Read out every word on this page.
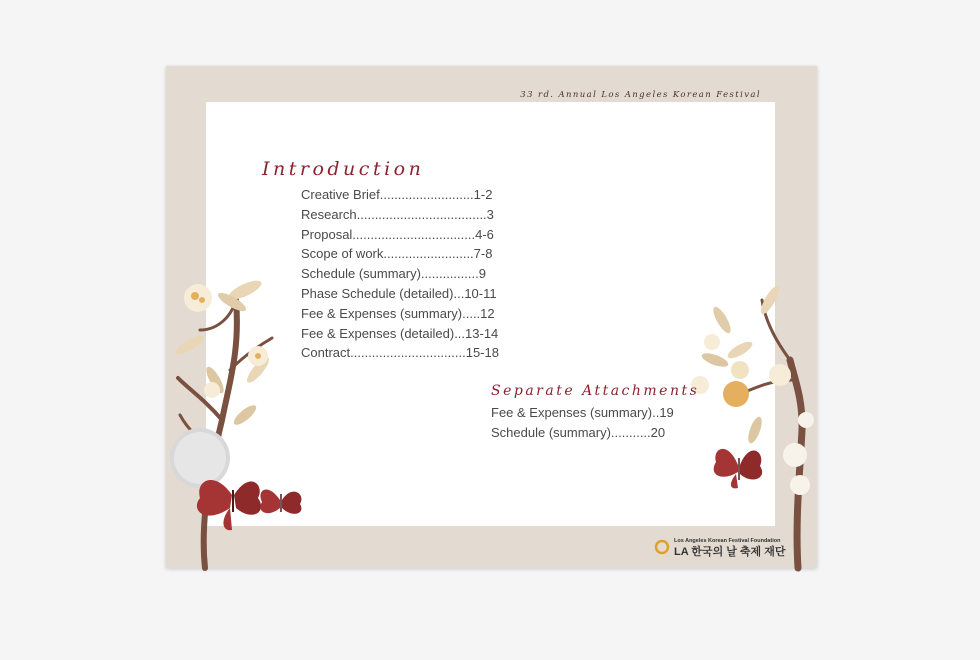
33 rd. Annual Los Angeles Korean Festival
Introduction
Creative Brief..........................1-2
Research....................................3
Proposal..................................4-6
Scope of work.........................7-8
Schedule (summary)................9
Phase Schedule (detailed)...10-11
Fee & Expenses (summary).....12
Fee & Expenses (detailed)...13-14
Contract................................15-18
Separate Attachments
Fee & Expenses (summary)..19
Schedule (summary)...........20
Los Angeles Korean Festival Foundation
LA 한국의 날 축제 재단
